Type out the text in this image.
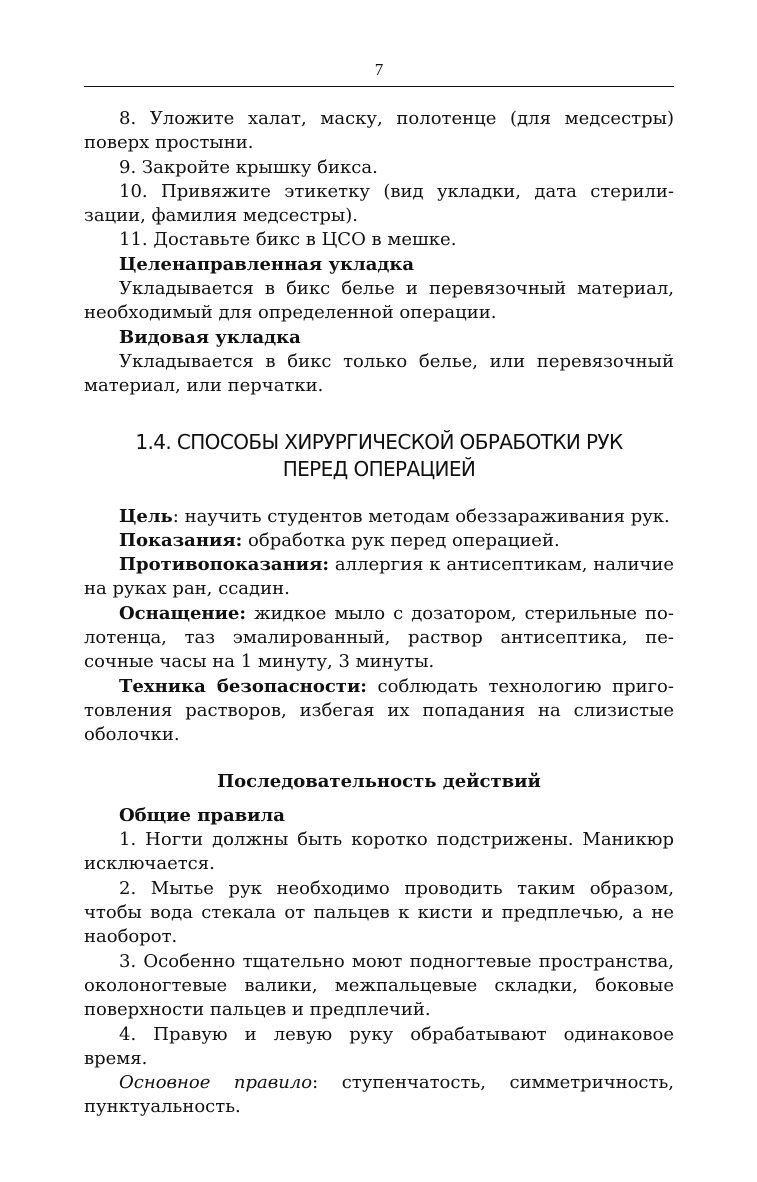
7

8. Уложите халат, маску, полотенце (для медсестры) поверх простыни.

9. Закройте крышку бикса.

10. Привяжите этикетку (вид укладки, дата стерилизации, фамилия медсестры).

11. Доставьте бикс в ЦСО в мешке.

Целенаправленная укладка

Укладывается в бикс белье и перевязочный материал, необходимый для определенной операции.

Видовая укладка

Укладывается в бикс только белье, или перевязочный материал, или перчатки.

1.4. СПОСОБЫ ХИРУРГИЧЕСКОЙ ОБРАБОТКИ РУК
ПЕРЕД ОПЕРАЦИЕЙ

Цель: научить студентов методам обеззараживания рук.

Показания: обработка рук перед операцией.

Противопоказания: аллергия к антисептикам, наличие на руках ран, ссадин.

Оснащение: жидкое мыло с дозатором, стерильные полотенца, таз эмалированный, раствор антисептика, песочные часы на 1 минуту, 3 минуты.

Техника безопасности: соблюдать технологию приготовления растворов, избегая их попадания на слизистые оболочки.

Последовательность действий

Общие правила

1. Ногти должны быть коротко подстрижены. Маникюр исключается.

2. Мытье рук необходимо проводить таким образом, чтобы вода стекала от пальцев к кисти и предплечью, а не наоборот.

3. Особенно тщательно моют подногтевые пространства, околоногтевые валики, межпальцевые складки, боковые поверхности пальцев и предплечий.

4. Правую и левую руку обрабатывают одинаковое время.

Основное правило: ступенчатость, симметричность, пунктуальность.
